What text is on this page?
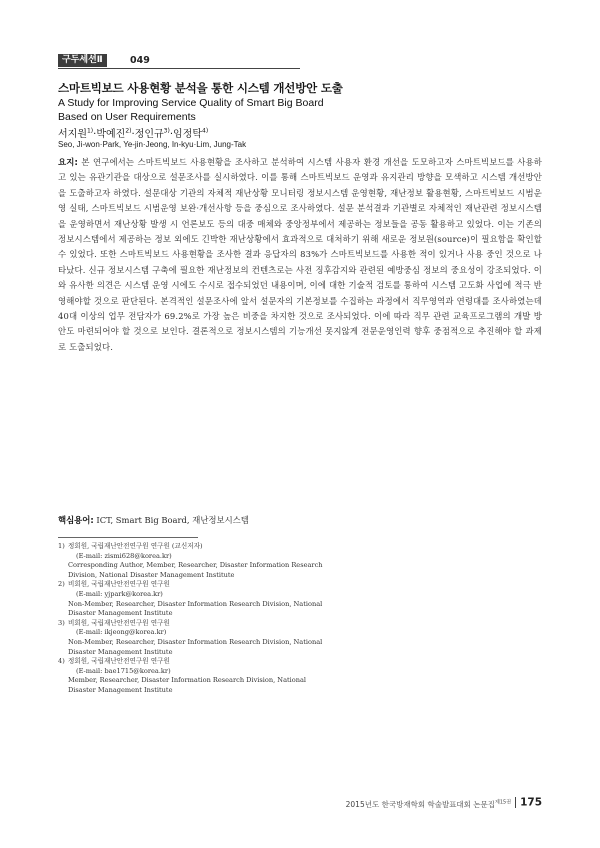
구두세션Ⅱ	049
스마트빅보드 사용현황 분석을 통한 시스템 개선방안 도출
A Study for Improving Service Quality of Smart Big Board
Based on User Requirements
서지원$^{1)}$·박예진$^{2)}$·정인규$^{3)}$·임정탁$^{4)}$
Seo, Ji-won·Park, Ye-jin·Jeong, In-kyu·Lim, Jung-Tak
요지: 본 연구에서는 스마트빅보드 사용현황을 조사하고 분석하여 시스템 사용자 환경 개선을 도모하고자 스마트빅보드를 사용하고 있는 유관기관을 대상으로 설문조사를 실시하였다. 이를 통해 스마트빅보드 운영과 유지관리 방향을 모색하고 시스템 개선방안을 도출하고자 하였다. 설문대상 기관의 자체적 재난상황 모니터링 정보시스템 운영현황, 재난정보 활용현황, 스마트빅보드 시범운영 실태, 스마트빅보드 시범운영 보완·개선사항 등을 중심으로 조사하였다. 설문 분석결과 기관별로 자체적인 재난관련 정보시스템을 운영하면서 재난상황 발생 시 언론보도 등의 대중 매체와 중앙정부에서 제공하는 정보들을 공동 활용하고 있었다. 이는 기존의 정보시스템에서 제공하는 정보 외에도 긴박한 재난상황에서 효과적으로 대처하기 위해 새로운 정보원(source)이 필요함을 확인할 수 있었다. 또한 스마트빅보드 사용현황을 조사한 결과 응답자의 83%가 스마트빅보드를 사용한 적이 있거나 사용 중인 것으로 나타났다. 신규 정보시스템 구축에 필요한 재난정보의 컨텐츠로는 사전 징후감지와 관련된 예방중심 정보의 중요성이 강조되었다. 이와 유사한 의견은 시스템 운영 시에도 수시로 접수되었던 내용이며, 이에 대한 기술적 검토를 통하여 시스템 고도화 사업에 적극 반영해야할 것으로 판단된다. 본격적인 설문조사에 앞서 설문자의 기본정보를 수집하는 과정에서 직무영역과 연령대를 조사하였는데 40대 이상의 업무 전담자가 69.2%로 가장 높은 비중을 차지한 것으로 조사되었다. 이에 따라 직무 관련 교육프로그램의 개발 방안도 마련되어야 할 것으로 보인다. 결론적으로 정보시스템의 기능개선 못지않게 전문운영인력 향후 중점적으로 추진해야 할 과제로 도출되었다.
핵심용어: ICT, Smart Big Board, 재난정보시스템
1) 정회원, 국립재난안전연구원 연구원 (교신저자)
(E-mail: zismi628@korea.kr)
Corresponding Author, Member, Researcher, Disaster Information Research
Division, National Disaster Management Institute
2) 비회원, 국립재난안전연구원 연구원
(E-mail: yjpark@korea.kr)
Non-Member, Researcher, Disaster Information Research Division, National
Disaster Management Institute
3) 비회원, 국립재난안전연구원 연구원
(E-mail: ikjeong@korea.kr)
Non-Member, Researcher, Disaster Information Research Division, National
Disaster Management Institute
4) 정회원, 국립재난안전연구원 연구원
(E-mail: bae1715@korea.kr)
Member, Researcher, Disaster Information Research Division, National
Disaster Management Institute
2015년도 한국방재학회 학술발표대회 논문집$^{제15권}$ 175
